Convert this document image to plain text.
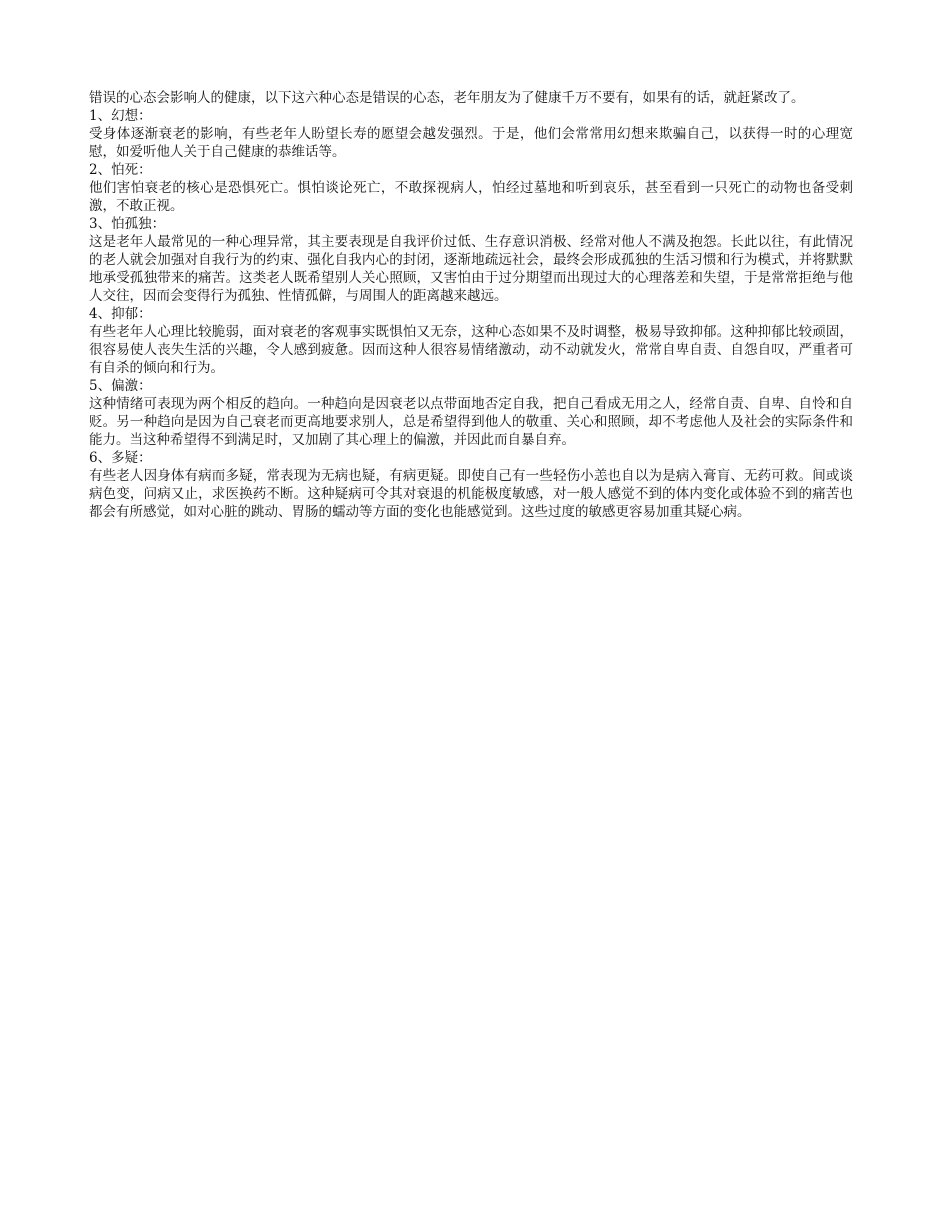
错误的心态会影响人的健康，以下这六种心态是错误的心态，老年朋友为了健康千万不要有，如果有的话，就赶紧改了。

1、幻想：

受身体逐渐衰老的影响，有些老年人盼望长寿的愿望会越发强烈。于是，他们会常常用幻想来欺骗自己，以获得一时的心理宽慰，如爱听他人关于自己健康的恭维话等。

2、怕死：

他们害怕衰老的核心是恐惧死亡。惧怕谈论死亡，不敢探视病人，怕经过墓地和听到哀乐，甚至看到一只死亡的动物也备受刺激，不敢正视。

3、怕孤独：

这是老年人最常见的一种心理异常，其主要表现是自我评价过低、生存意识消极、经常对他人不满及抱怨。长此以往，有此情况的老人就会加强对自我行为的约束、强化自我内心的封闭，逐渐地疏远社会，最终会形成孤独的生活习惯和行为模式，并将默默地承受孤独带来的痛苦。这类老人既希望别人关心照顾，又害怕由于过分期望而出现过大的心理落差和失望，于是常常拒绝与他人交往，因而会变得行为孤独、性情孤僻，与周围人的距离越来越远。

4、抑郁：

有些老年人心理比较脆弱，面对衰老的客观事实既惧怕又无奈，这种心态如果不及时调整，极易导致抑郁。这种抑郁比较顽固，很容易使人丧失生活的兴趣，令人感到疲惫。因而这种人很容易情绪激动，动不动就发火，常常自卑自责、自怨自叹，严重者可有自杀的倾向和行为。

5、偏激：

这种情绪可表现为两个相反的趋向。一种趋向是因衰老以点带面地否定自我，把自己看成无用之人，经常自责、自卑、自怜和自贬。另一种趋向是因为自己衰老而更高地要求别人，总是希望得到他人的敬重、关心和照顾，却不考虑他人及社会的实际条件和能力。当这种希望得不到满足时，又加剧了其心理上的偏激，并因此而自暴自弃。

6、多疑：

有些老人因身体有病而多疑，常表现为无病也疑，有病更疑。即使自己有一些轻伤小恙也自以为是病入膏肓、无药可救。间或谈病色变，问病又止，求医换药不断。这种疑病可令其对衰退的机能极度敏感，对一般人感觉不到的体内变化或体验不到的痛苦也都会有所感觉，如对心脏的跳动、胃肠的蠕动等方面的变化也能感觉到。这些过度的敏感更容易加重其疑心病。
